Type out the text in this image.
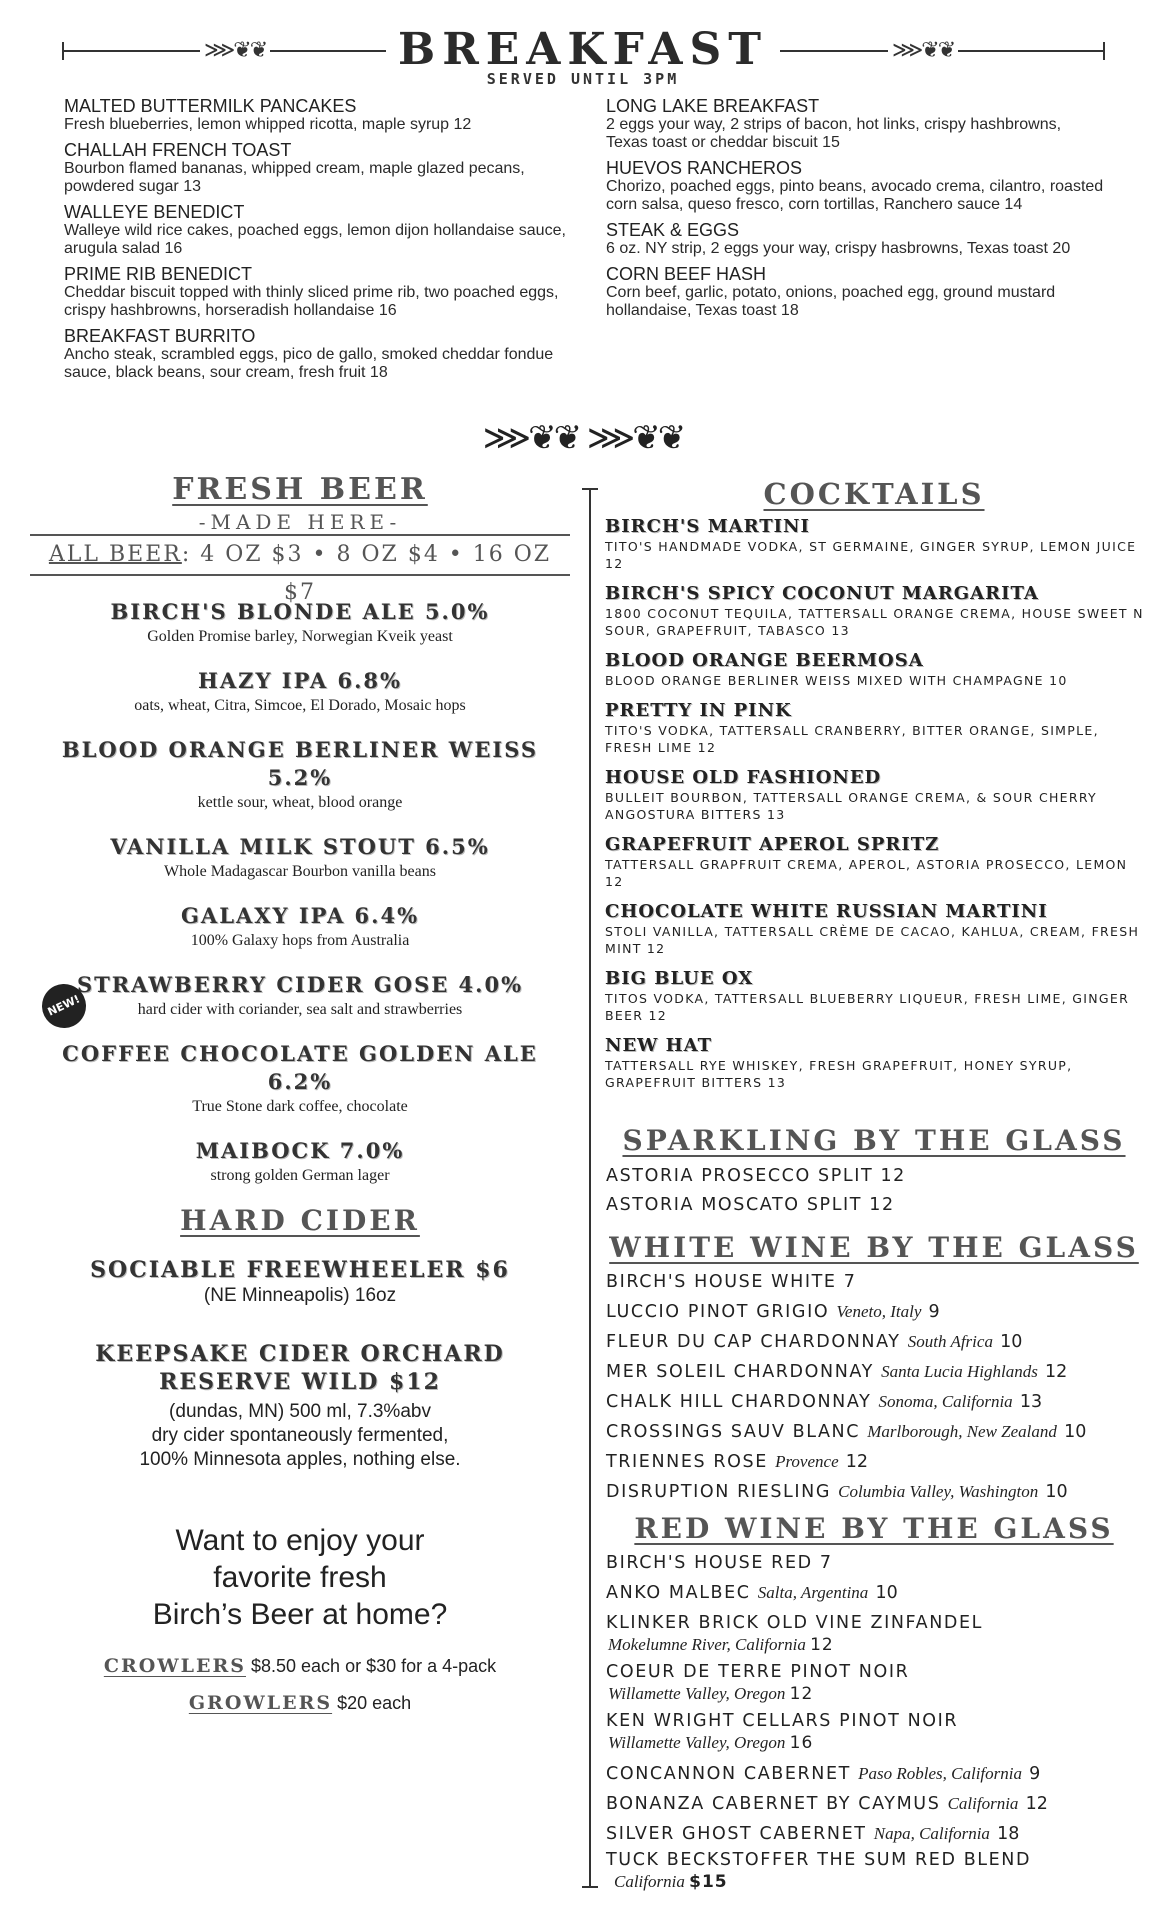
⋙❦❦	⋙❦❦
BREAKFAST
SERVED UNTIL 3PM
MALTED BUTTERMILK PANCAKES
Fresh blueberries, lemon whipped ricotta, maple syrup 12
CHALLAH FRENCH TOAST
Bourbon flamed bananas, whipped cream, maple glazed pecans, powdered sugar 13
WALLEYE BENEDICT
Walleye wild rice cakes, poached eggs, lemon dijon hollandaise sauce, arugula salad 16
PRIME RIB BENEDICT
Cheddar biscuit topped with thinly sliced prime rib, two poached eggs, crispy hashbrowns, horseradish hollandaise 16
BREAKFAST BURRITO
Ancho steak, scrambled eggs, pico de gallo, smoked cheddar fondue sauce, black beans, sour cream, fresh fruit 18
LONG LAKE BREAKFAST
2 eggs your way, 2 strips of bacon, hot links, crispy hashbrowns, Texas toast or cheddar biscuit 15
HUEVOS RANCHEROS
Chorizo, poached eggs, pinto beans, avocado crema, cilantro, roasted corn salsa, queso fresco, corn tortillas, Ranchero sauce 14
STEAK & EGGS
6 oz. NY strip, 2 eggs your way, crispy hasbrowns, Texas toast 20
CORN BEEF HASH
Corn beef, garlic, potato, onions, poached egg, ground mustard hollandaise, Texas toast 18
⋙❦❦ ⋙❦❦
FRESH BEER
-MADE HERE-
ALL BEER: 4 OZ $3 • 8 OZ $4 • 16 OZ $7
BIRCH'S BLONDE ALE 5.0%
Golden Promise barley, Norwegian Kveik yeast
HAZY IPA 6.8%
oats, wheat, Citra, Simcoe, El Dorado, Mosaic hops
BLOOD ORANGE BERLINER WEISS 5.2%
kettle sour, wheat, blood orange
VANILLA MILK STOUT 6.5%
Whole Madagascar Bourbon vanilla beans
GALAXY IPA 6.4%
100% Galaxy hops from Australia
STRAWBERRY CIDER GOSE 4.0%
hard cider with coriander, sea salt and strawberries
COFFEE CHOCOLATE GOLDEN ALE 6.2%
True Stone dark coffee, chocolate
MAIBOCK 7.0%
strong golden German lager
NEW!
HARD CIDER
SOCIABLE FREEWHEELER $6
(NE Minneapolis) 16oz
KEEPSAKE CIDER ORCHARD
RESERVE WILD $12
(dundas, MN) 500 ml, 7.3%abv
dry cider spontaneously fermented,
100% Minnesota apples, nothing else.
Want to enjoy your
favorite fresh
Birch’s Beer at home?
CROWLERS $8.50 each or $30 for a 4-pack
GROWLERS $20 each
COCKTAILS
BIRCH'S MARTINI
TITO'S HANDMADE VODKA, ST GERMAINE, GINGER SYRUP, LEMON JUICE 12
BIRCH'S SPICY COCONUT MARGARITA
1800 COCONUT TEQUILA, TATTERSALL ORANGE CREMA, HOUSE SWEET N SOUR, GRAPEFRUIT, TABASCO 13
BLOOD ORANGE BEERMOSA
BLOOD ORANGE BERLINER WEISS MIXED WITH CHAMPAGNE 10
PRETTY IN PINK
TITO'S VODKA, TATTERSALL CRANBERRY, BITTER ORANGE, SIMPLE, FRESH LIME 12
HOUSE OLD FASHIONED
BULLEIT BOURBON, TATTERSALL ORANGE CREMA, & SOUR CHERRY ANGOSTURA BITTERS 13
GRAPEFRUIT APEROL SPRITZ
TATTERSALL GRAPFRUIT CREMA, APEROL, ASTORIA PROSECCO, LEMON 12
CHOCOLATE WHITE RUSSIAN MARTINI
STOLI VANILLA, TATTERSALL CRÈME DE CACAO, KAHLUA, CREAM, FRESH MINT 12
BIG BLUE OX
TITOS VODKA, TATTERSALL BLUEBERRY LIQUEUR, FRESH LIME, GINGER BEER 12
NEW HAT
TATTERSALL RYE WHISKEY, FRESH GRAPEFRUIT, HONEY SYRUP, GRAPEFRUIT BITTERS 13
SPARKLING BY THE GLASS
ASTORIA PROSECCO SPLIT 12
ASTORIA MOSCATO SPLIT 12
WHITE WINE BY THE GLASS
BIRCH'S HOUSE WHITE 7
LUCCIO PINOT GRIGIO Veneto, Italy 9
FLEUR DU CAP CHARDONNAY South Africa 10
MER SOLEIL CHARDONNAY Santa Lucia Highlands 12
CHALK HILL CHARDONNAY Sonoma, California 13
CROSSINGS SAUV BLANC Marlborough, New Zealand 10
TRIENNES ROSE Provence 12
DISRUPTION RIESLING Columbia Valley, Washington 10
RED WINE BY THE GLASS
BIRCH'S HOUSE RED 7
ANKO MALBEC Salta, Argentina 10
KLINKER BRICK OLD VINE ZINFANDEL
Mokelumne River, California 12
COEUR DE TERRE PINOT NOIR
Willamette Valley, Oregon 12
KEN WRIGHT CELLARS PINOT NOIR
Willamette Valley, Oregon 16
CONCANNON CABERNET Paso Robles, California 9
BONANZA CABERNET BY CAYMUS California 12
SILVER GHOST CABERNET Napa, California 18
TUCK BECKSTOFFER THE SUM RED BLEND
California $15
